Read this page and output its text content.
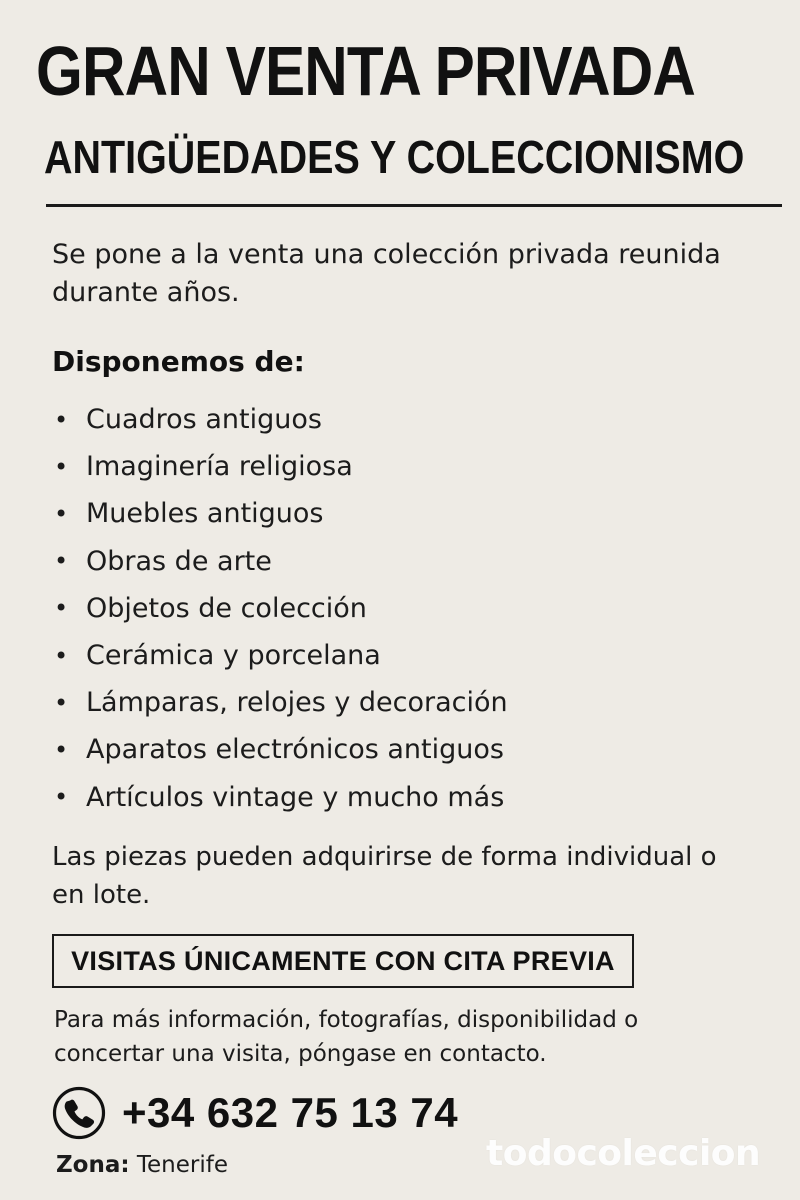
GRAN VENTA PRIVADA
ANTIGÜEDADES Y COLECCIONISMO

Se pone a la venta una colección privada reunida durante años.

Disponemos de:
• Cuadros antiguos
• Imaginería religiosa
• Muebles antiguos
• Obras de arte
• Objetos de colección
• Cerámica y porcelana
• Lámparas, relojes y decoración
• Aparatos electrónicos antiguos
• Artículos vintage y mucho más

Las piezas pueden adquirirse de forma individual o en lote.

VISITAS ÚNICAMENTE CON CITA PREVIA

Para más información, fotografías, disponibilidad o concertar una visita, póngase en contacto.

+34 632 75 13 74
Zona: Tenerife	todocoleccion
